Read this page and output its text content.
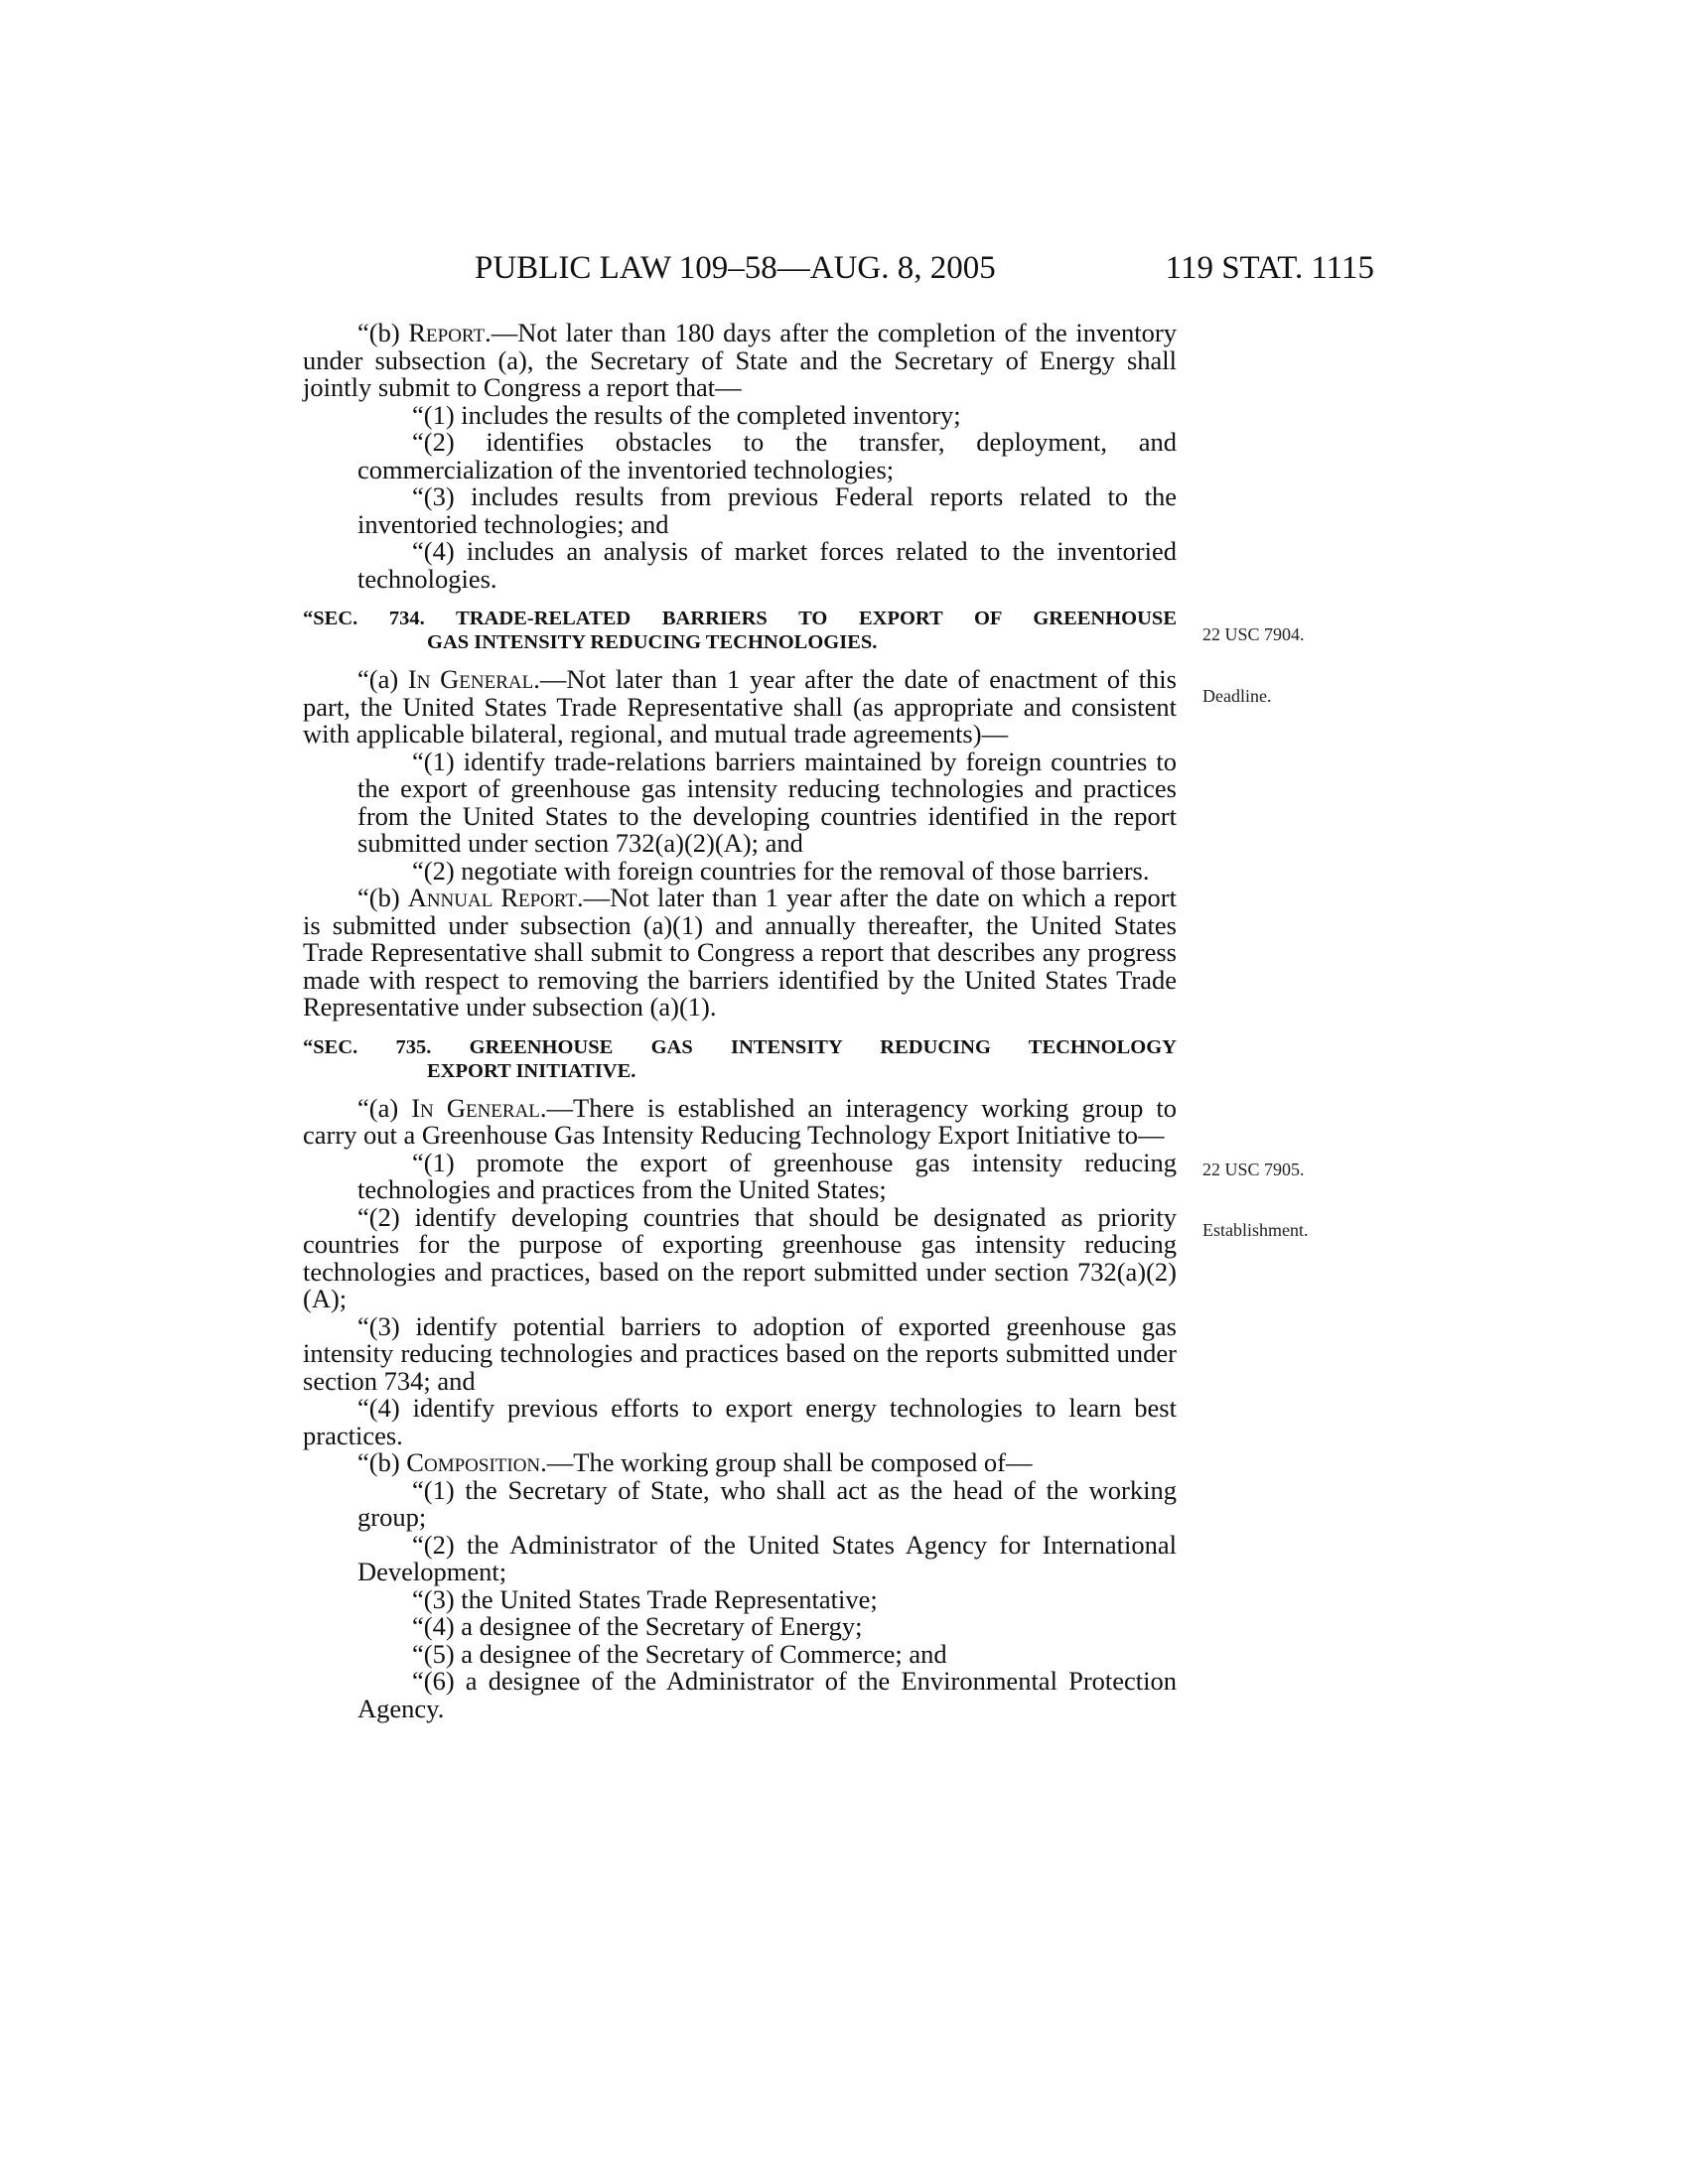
PUBLIC LAW 109–58—AUG. 8, 2005	119 STAT. 1115
22 USC 7904.
Deadline.
22 USC 7905.
Establishment.

“(b) Report.—Not later than 180 days after the completion of the inventory under subsection (a), the Secretary of State and the Secretary of Energy shall jointly submit to Congress a report that—

“(1) includes the results of the completed inventory;

“(2) identifies obstacles to the transfer, deployment, and commercialization of the inventoried technologies;

“(3) includes results from previous Federal reports related to the inventoried technologies; and

“(4) includes an analysis of market forces related to the inventoried technologies.

“SEC. 734. TRADE-RELATED BARRIERS TO EXPORT OF GREENHOUSE
GAS INTENSITY REDUCING TECHNOLOGIES.

“(a) In General.—Not later than 1 year after the date of enactment of this part, the United States Trade Representative shall (as appropriate and consistent with applicable bilateral, regional, and mutual trade agreements)—

“(1) identify trade-relations barriers maintained by foreign countries to the export of greenhouse gas intensity reducing technologies and practices from the United States to the developing countries identified in the report submitted under section 732(a)(2)(A); and

“(2) negotiate with foreign countries for the removal of those barriers.

“(b) Annual Report.—Not later than 1 year after the date on which a report is submitted under subsection (a)(1) and annually thereafter, the United States Trade Representative shall submit to Congress a report that describes any progress made with respect to removing the barriers identified by the United States Trade Representative under subsection (a)(1).

“SEC. 735. GREENHOUSE GAS INTENSITY REDUCING TECHNOLOGY
EXPORT INITIATIVE.

“(a) In General.—There is established an interagency working group to carry out a Greenhouse Gas Intensity Reducing Technology Export Initiative to—

“(1) promote the export of greenhouse gas intensity reducing technologies and practices from the United States;

“(2) identify developing countries that should be designated as priority countries for the purpose of exporting greenhouse gas intensity reducing technologies and practices, based on the report submitted under section 732(a)(2)(A);

“(3) identify potential barriers to adoption of exported greenhouse gas intensity reducing technologies and practices based on the reports submitted under section 734; and

“(4) identify previous efforts to export energy technologies to learn best practices.

“(b) Composition.—The working group shall be composed of—

“(1) the Secretary of State, who shall act as the head of the working group;

“(2) the Administrator of the United States Agency for International Development;

“(3) the United States Trade Representative;

“(4) a designee of the Secretary of Energy;

“(5) a designee of the Secretary of Commerce; and

“(6) a designee of the Administrator of the Environmental Protection Agency.
